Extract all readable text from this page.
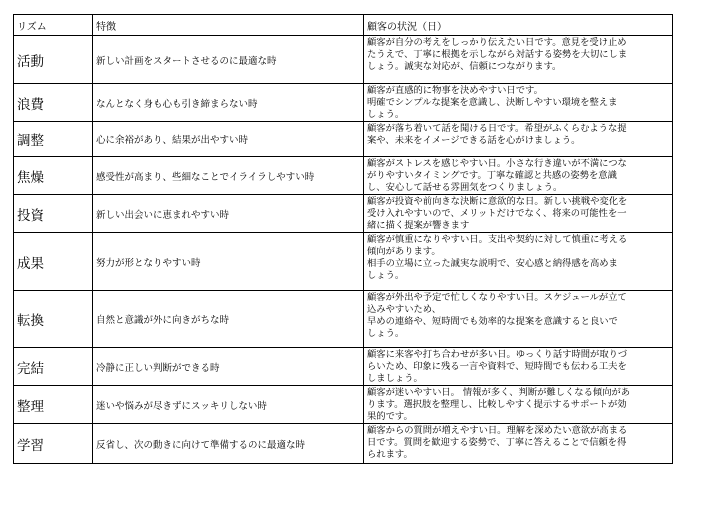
リズム	特徴	顧客の状況（日）
活動	新しい計画をスタートさせるのに最適な時	顧客が自分の考えをしっかり伝えたい日です。意見を受け止め
たうえで、丁寧に根拠を示しながら対話する姿勢を大切にしま
しょう。誠実な対応が、信頼につながります。

浪費	なんとなく身も心も引き締まらない時	顧客が直感的に物事を決めやすい日です。
明確でシンプルな提案を意識し、決断しやすい環境を整えま
しょう。

調整	心に余裕があり、結果が出やすい時	顧客が落ち着いて話を聞ける日です。希望がふくらむような提
案や、未来をイメージできる話を心がけましょう。

焦燥	感受性が高まり、些細なことでイライラしやすい時	顧客がストレスを感じやすい日。小さな行き違いが不満につな
がりやすいタイミングです。丁寧な確認と共感の姿勢を意識
し、安心して話せる雰囲気をつくりましょう。

投資	新しい出会いに恵まれやすい時	顧客が投資や前向きな決断に意欲的な日。新しい挑戦や変化を
受け入れやすいので、メリットだけでなく、将来の可能性を一
緒に描く提案が響きます

成果	努力が形となりやすい時	顧客が慎重になりやすい日。支出や契約に対して慎重に考える
傾向があります。
相手の立場に立った誠実な説明で、安心感と納得感を高めま
しょう。

転換	自然と意識が外に向きがちな時	顧客が外出や予定で忙しくなりやすい日。スケジュールが立て
込みやすいため、
早めの連絡や、短時間でも効率的な提案を意識すると良いで
しょう。

完結	冷静に正しい判断ができる時	顧客に来客や打ち合わせが多い日。ゆっくり話す時間が取りづ
らいため、印象に残る一言や資料で、短時間でも伝わる工夫を
しましょう。

整理	迷いや悩みが尽きずにスッキリしない時	顧客が迷いやすい日。 情報が多く、判断が難しくなる傾向があ
ります。選択肢を整理し、比較しやすく提示するサポートが効
果的です。

学習	反省し、次の動きに向けて準備するのに最適な時	顧客からの質問が増えやすい日。理解を深めたい意欲が高まる
日です。質問を歓迎する姿勢で、丁寧に答えることで信頼を得
られます。
